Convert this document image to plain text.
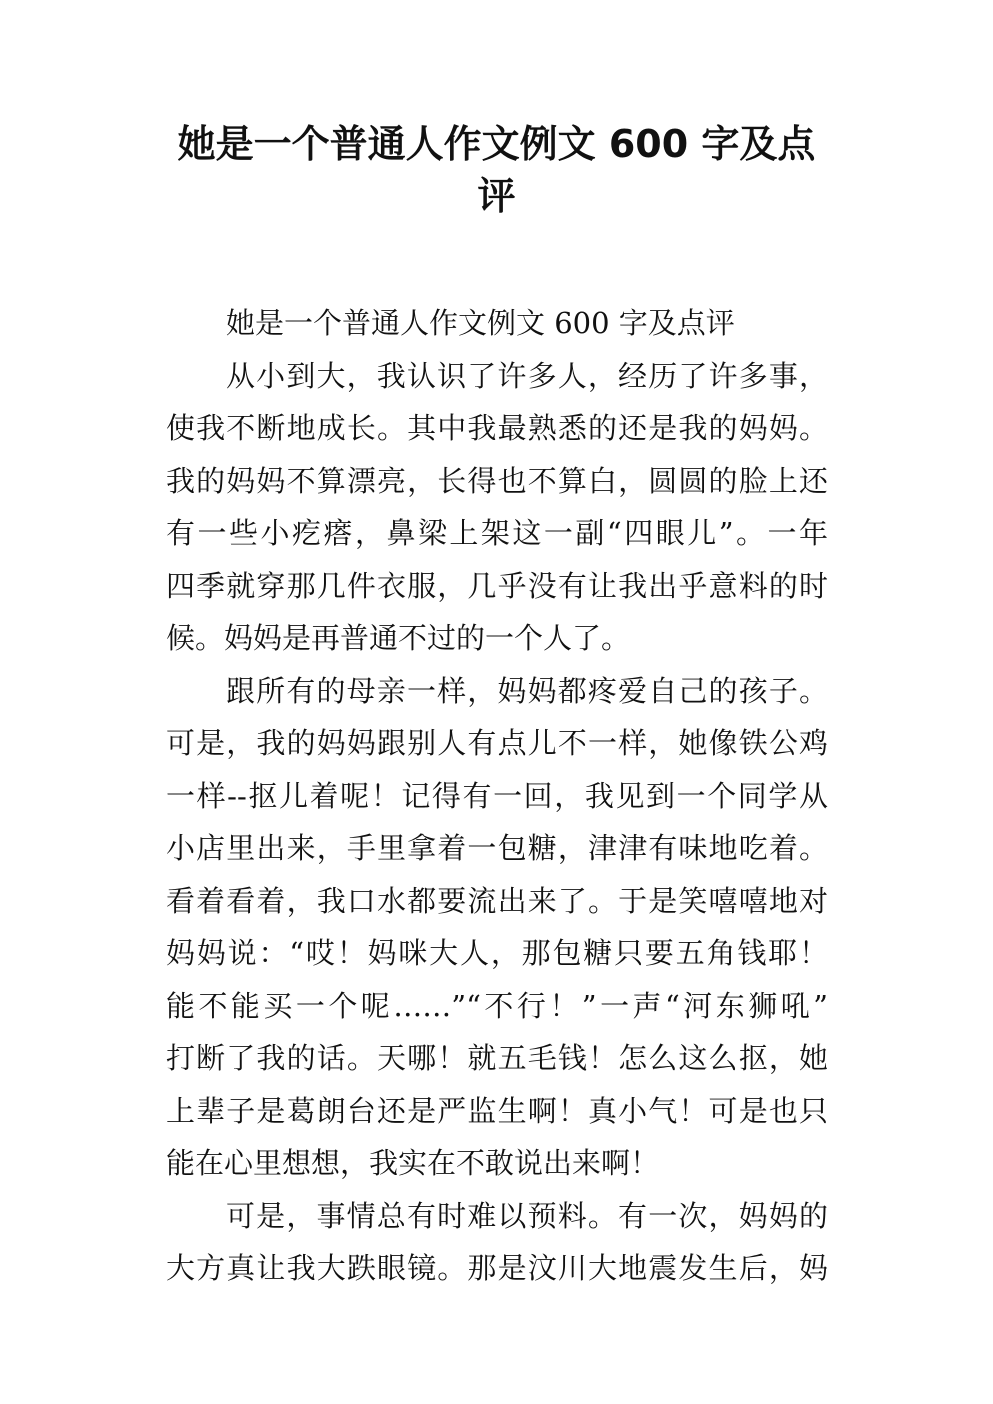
她是一个普通人作文例文 600 字及点
评
她是一个普通人作文例文 600 字及点评
从小到大，我认识了许多人，经历了许多事，
使我不断地成长。其中我最熟悉的还是我的妈妈。
我的妈妈不算漂亮，长得也不算白，圆圆的脸上还
有一些小疙瘩，鼻梁上架这一副“四眼儿”。一年
四季就穿那几件衣服，几乎没有让我出乎意料的时
候。妈妈是再普通不过的一个人了。
跟所有的母亲一样，妈妈都疼爱自己的孩子。
可是，我的妈妈跟别人有点儿不一样，她像铁公鸡
一样--抠儿着呢！记得有一回，我见到一个同学从
小店里出来，手里拿着一包糖，津津有味地吃着。
看着看着，我口水都要流出来了。于是笑嘻嘻地对
妈妈说：“哎！妈咪大人，那包糖只要五角钱耶！
能不能买一个呢……”“不行！”一声“河东狮吼”
打断了我的话。天哪！就五毛钱！怎么这么抠，她
上辈子是葛朗台还是严监生啊！真小气！可是也只
能在心里想想，我实在不敢说出来啊！
可是，事情总有时难以预料。有一次，妈妈的
大方真让我大跌眼镜。那是汶川大地震发生后，妈
